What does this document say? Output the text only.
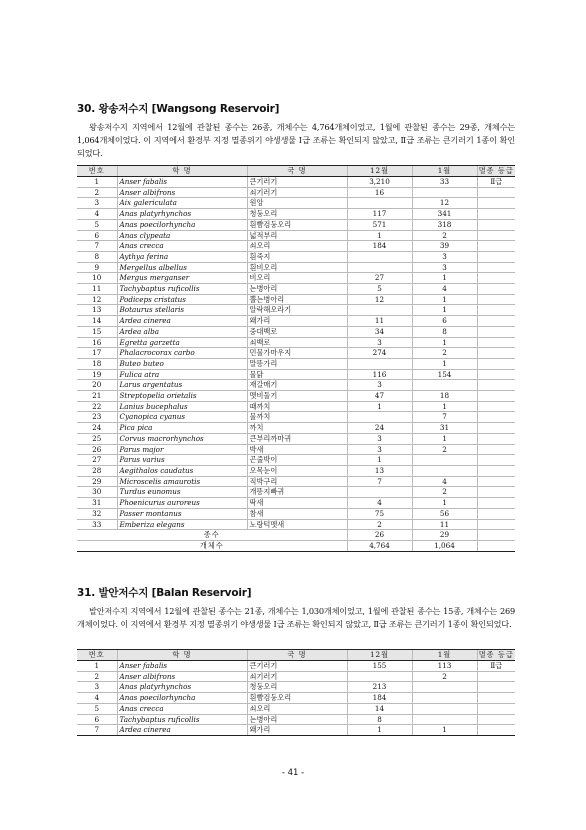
30. 왕송저수지 [Wangsong Reservoir]
왕송저수지 지역에서 12월에 관찰된 종수는 26종, 개체수는 4,764개체이었고, 1월에 관찰된 종수는 29종, 개체수는 1,064개체이었다. 이 지역에서 환경부 지정 멸종위기 야생생물 Ⅰ급 조류는 확인되지 않았고, Ⅱ급 조류는 큰기러기 1종이 확인되었다.
번호	학 명	국 명	12월	1월	멸종 등급
1	Anser fabalis	큰기러기	3,210	33	Ⅱ급
2	Anser albifrons	쇠기러기	16		
3	Aix galericulata	원앙		12	
4	Anas platyrhynchos	청둥오리	117	341	
5	Anas poecilorhyncha	흰뺨검둥오리	571	318	
6	Anas clypeata	넓적부리	1	2	
7	Anas crecca	쇠오리	184	39	
8	Aythya ferina	흰죽지		3	
9	Mergellus albellus	흰비오리		3	
10	Mergus merganser	비오리	27	1	
11	Tachybaptus ruficollis	논병아리	5	4	
12	Podiceps cristatus	뿔논병아리	12	1	
13	Botaurus stellaris	알락해오라기		1	
14	Ardea cinerea	왜가리	11	6	
15	Ardea alba	중대백로	34	8	
16	Egretta garzetta	쇠백로	3	1	
17	Phalacrocorax carbo	민물가마우지	274	2	
18	Buteo buteo	말똥가리		1	
19	Fulica atra	물닭	116	154	
20	Larus argentatus	재갈매기	3		
21	Streptopelia orietalis	멧비둘기	47	18	
22	Lanius bucephalus	때까치	1	1	
23	Cyanopica cyanus	물까치		7	
24	Pica pica	까치	24	31	
25	Corvus macrorhynchos	큰부리까마귀	3	1	
26	Parus major	박새	3	2	
27	Parus varius	곤줄박이	1		
28	Aegithalos caudatus	오목눈이	13		
29	Microscelis amaurotis	직박구리	7	4	
30	Turdus eunomus	개똥지빠귀		2	
31	Phoenicurus auroreus	딱새	4	1	
32	Passer montanus	참새	75	56	
33	Emberiza elegans	노랑턱멧새	2	11	
종수			26	29	
개체수			4,764	1,064	
31. 발안저수지 [Balan Reservoir]
발안저수지 지역에서 12월에 관찰된 종수는 21종, 개체수는 1,030개체이었고, 1월에 관찰된 종수는 15종, 개체수는 269개체이었다. 이 지역에서 환경부 지정 멸종위기 야생생물 Ⅰ급 조류는 확인되지 않았고, Ⅱ급 조류는 큰기러기 1종이 확인되었다.
번호	학 명	국 명	12월	1월	멸종 등급
1	Anser fabalis	큰기러기	155	113	Ⅱ급
2	Anser albifrons	쇠기러기		2	
3	Anas platyrhynchos	청둥오리	213		
4	Anas poecilorhyncha	흰뺨검둥오리	184		
5	Anas crecca	쇠오리	14		
6	Tachybaptus ruficollis	논병아리	8		
7	Ardea cinerea	왜가리	1	1	
- 41 -
